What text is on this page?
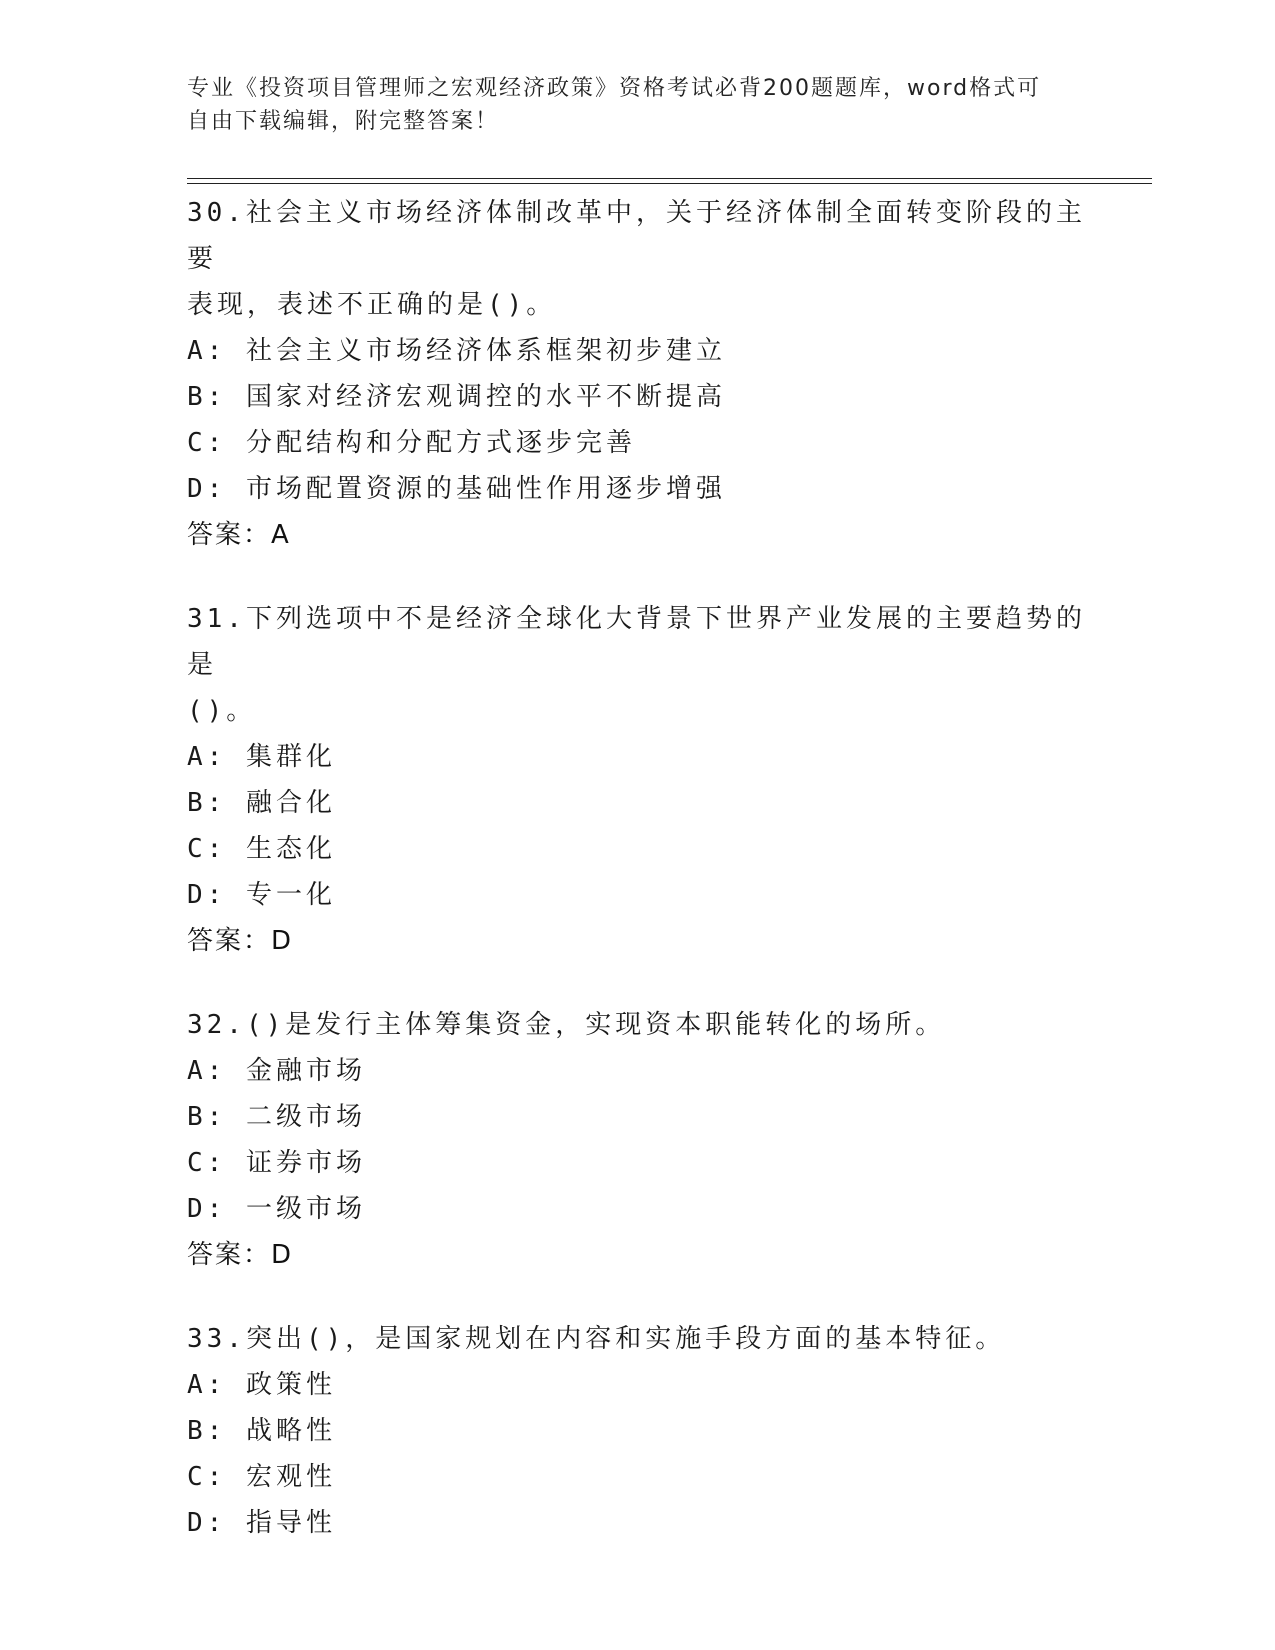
专业《投资项目管理师之宏观经济政策》资格考试必背200题题库，word格式可
自由下载编辑，附完整答案！
30.社会主义市场经济体制改革中，关于经济体制全面转变阶段的主要
表现，表述不正确的是()。
A: 社会主义市场经济体系框架初步建立
B: 国家对经济宏观调控的水平不断提高
C: 分配结构和分配方式逐步完善
D: 市场配置资源的基础性作用逐步增强
答案：A
31.下列选项中不是经济全球化大背景下世界产业发展的主要趋势的是
()。
A: 集群化
B: 融合化
C: 生态化
D: 专一化
答案：D
32.()是发行主体筹集资金，实现资本职能转化的场所。
A: 金融市场
B: 二级市场
C: 证券市场
D: 一级市场
答案：D
33.突出()，是国家规划在内容和实施手段方面的基本特征。
A: 政策性
B: 战略性
C: 宏观性
D: 指导性
